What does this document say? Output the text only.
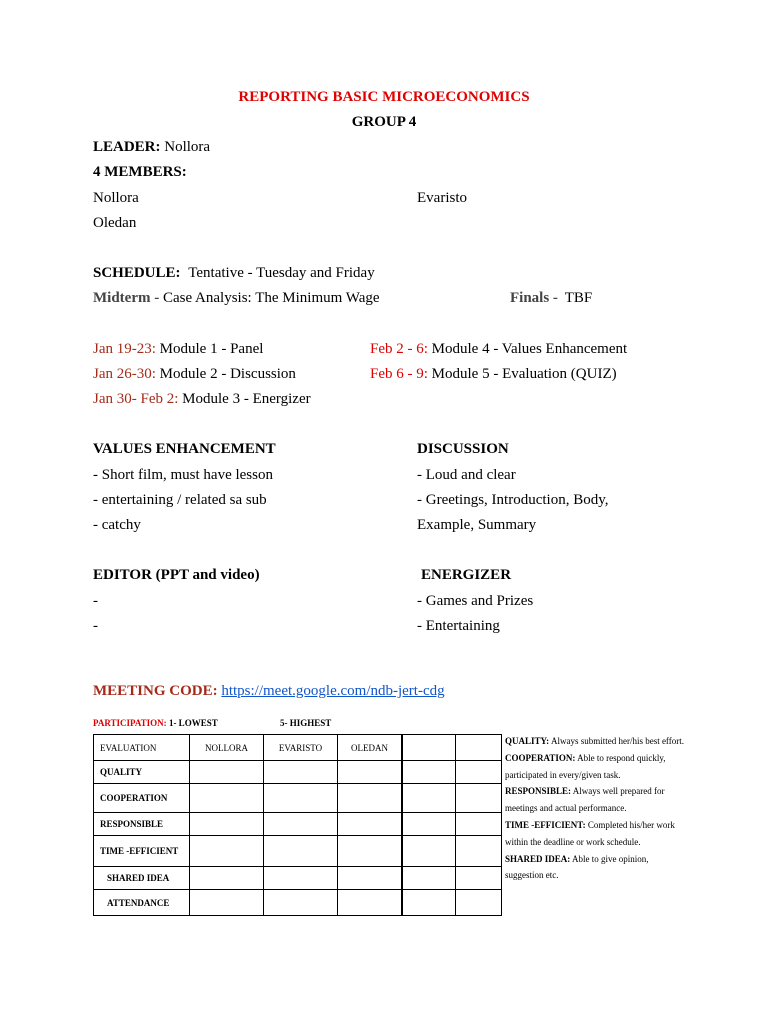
REPORTING BASIC MICROECONOMICS
GROUP 4
LEADER: Nollora
4 MEMBERS:
Nollora	Evaristo
Oledan
SCHEDULE: Tentative - Tuesday and Friday
Midterm - Case Analysis: The Minimum Wage	Finals - TBF
Jan 19-23: Module 1 - Panel
Jan 26-30: Module 2 - Discussion
Jan 30- Feb 2: Module 3 - Energizer
Feb 2 - 6: Module 4 - Values Enhancement
Feb 6 - 9: Module 5 - Evaluation (QUIZ)
VALUES ENHANCEMENT
- Short film, must have lesson
- entertaining / related sa sub
- catchy
DISCUSSION
- Loud and clear
- Greetings, Introduction, Body,
Example, Summary
EDITOR (PPT and video)
-
-
ENERGIZER
- Games and Prizes
- Entertaining
MEETING CODE: https://meet.google.com/ndb-jert-cdg
PARTICIPATION: 1- LOWEST	5- HIGHEST
EVALUATION	NOLLORA	EVARISTO	OLEDAN		
QUALITY					
COOPERATION					
RESPONSIBLE					
TIME -EFFICIENT					
SHARED IDEA					
ATTENDANCE					
QUALITY: Always submitted her/his best effort.
COOPERATION: Able to respond quickly, participated in every/given task.
RESPONSIBLE: Always well prepared for meetings and actual performance.
TIME -EFFICIENT: Completed his/her work within the deadline or work schedule.
SHARED IDEA: Able to give opinion, suggestion etc.
